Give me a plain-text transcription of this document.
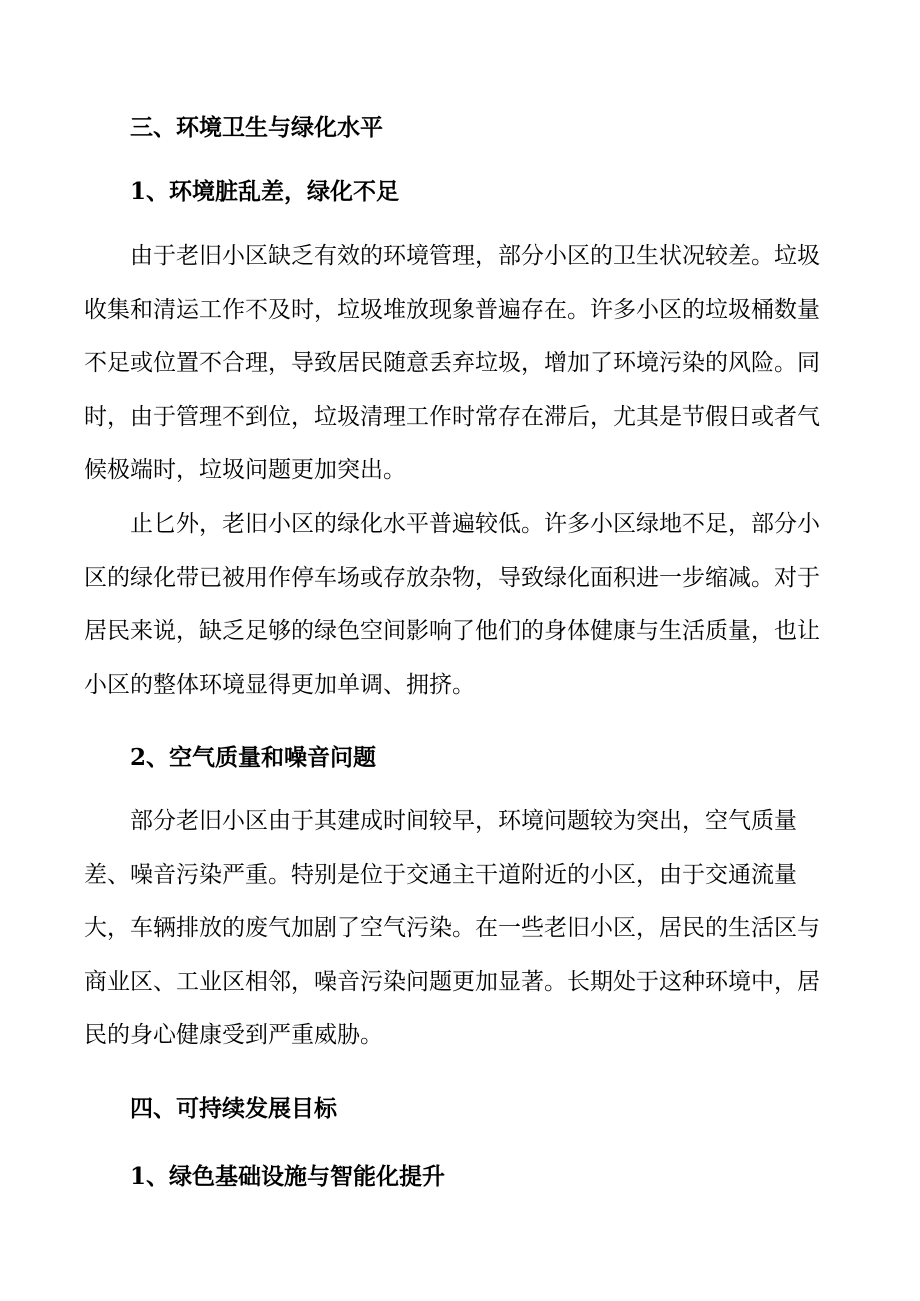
三、环境卫生与绿化水平
1、环境脏乱差，绿化不足
由于老旧小区缺乏有效的环境管理，部分小区的卫生状况较差。垃圾
收集和清运工作不及时，垃圾堆放现象普遍存在。许多小区的垃圾桶数量
不足或位置不合理，导致居民随意丢弃垃圾，增加了环境污染的风险。同
时，由于管理不到位，垃圾清理工作时常存在滞后，尤其是节假日或者气
候极端时，垃圾问题更加突出。
止匕外，老旧小区的绿化水平普遍较低。许多小区绿地不足，部分小
区的绿化带已被用作停车场或存放杂物，导致绿化面积进一步缩减。对于
居民来说，缺乏足够的绿色空间影响了他们的身体健康与生活质量，也让
小区的整体环境显得更加单调、拥挤。
2、空气质量和噪音问题
部分老旧小区由于其建成时间较早，环境问题较为突出，空气质量
差、噪音污染严重。特别是位于交通主干道附近的小区，由于交通流量
大，车辆排放的废气加剧了空气污染。在一些老旧小区，居民的生活区与
商业区、工业区相邻，噪音污染问题更加显著。长期处于这种环境中，居
民的身心健康受到严重威胁。
四、可持续发展目标
1、绿色基础设施与智能化提升
